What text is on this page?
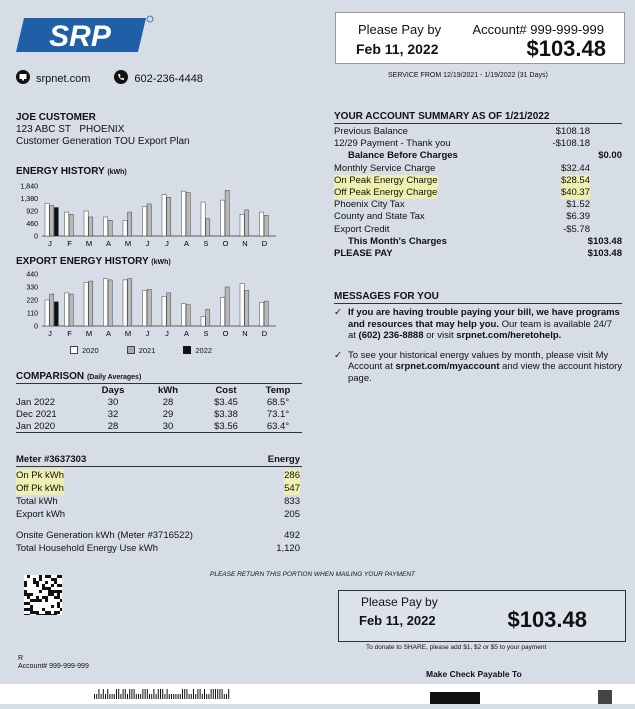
SRP	Please Pay by
Feb 11, 2022
Account# 999-999-999
$103.48
srpnet.com	602-236-4448	SERVICE FROM 12/19/2021 - 1/19/2022 (31 Days)
JOE CUSTOMER
123 ABC ST PHOENIX
Customer Generation TOU Export Plan
ENERGY HISTORY (kWh)
1,840
1,380
920
460
0
J F M A M J J A S O N D
EXPORT ENERGY HISTORY (kWh)
440
330
220
110
0
J F M A M J J A S O N D
2020	2021	2022
COMPARISON (Daily Averages)
	Days	kWh	Cost	Temp
Jan 2022	30	28	$3.45	68.5°
Dec 2021	32	29	$3.38	73.1°
Jan 2020	28	30	$3.56	63.4°
Meter #3637303	Energy
On Pk kWh	286
Off Pk kWh	547
Total kWh	833
Export kWh	205
Onsite Generation kWh (Meter #3716522)	492
Total Household Energy Use kWh	1,120
YOUR ACCOUNT SUMMARY AS OF 1/21/2022
Previous Balance	$108.18
12/29 Payment - Thank you	-$108.18
Balance Before Charges	$0.00
Monthly Service Charge	$32.44
On Peak Energy Charge	$28.54
Off Peak Energy Charge	$40.37
Phoenix City Tax	$1.52
County and State Tax	$6.39
Export Credit	-$5.78
This Month's Charges	$103.48
PLEASE PAY	$103.48
MESSAGES FOR YOU
✓ If you are having trouble paying your bill, we have programs and resources that may help you. Our team is available 24/7 at (602) 236-8888 or visit srpnet.com/heretohelp.
✓ To see your historical energy values by month, please visit My Account at srpnet.com/myaccount and view the account history page.
PLEASE RETURN THIS PORTION WHEN MAILING YOUR PAYMENT
Please Pay by
Feb 11, 2022	$103.48
To donate to SHARE, please add $1, $2 or $5 to your payment
R
Account# 999-999-999
Make Check Payable To
